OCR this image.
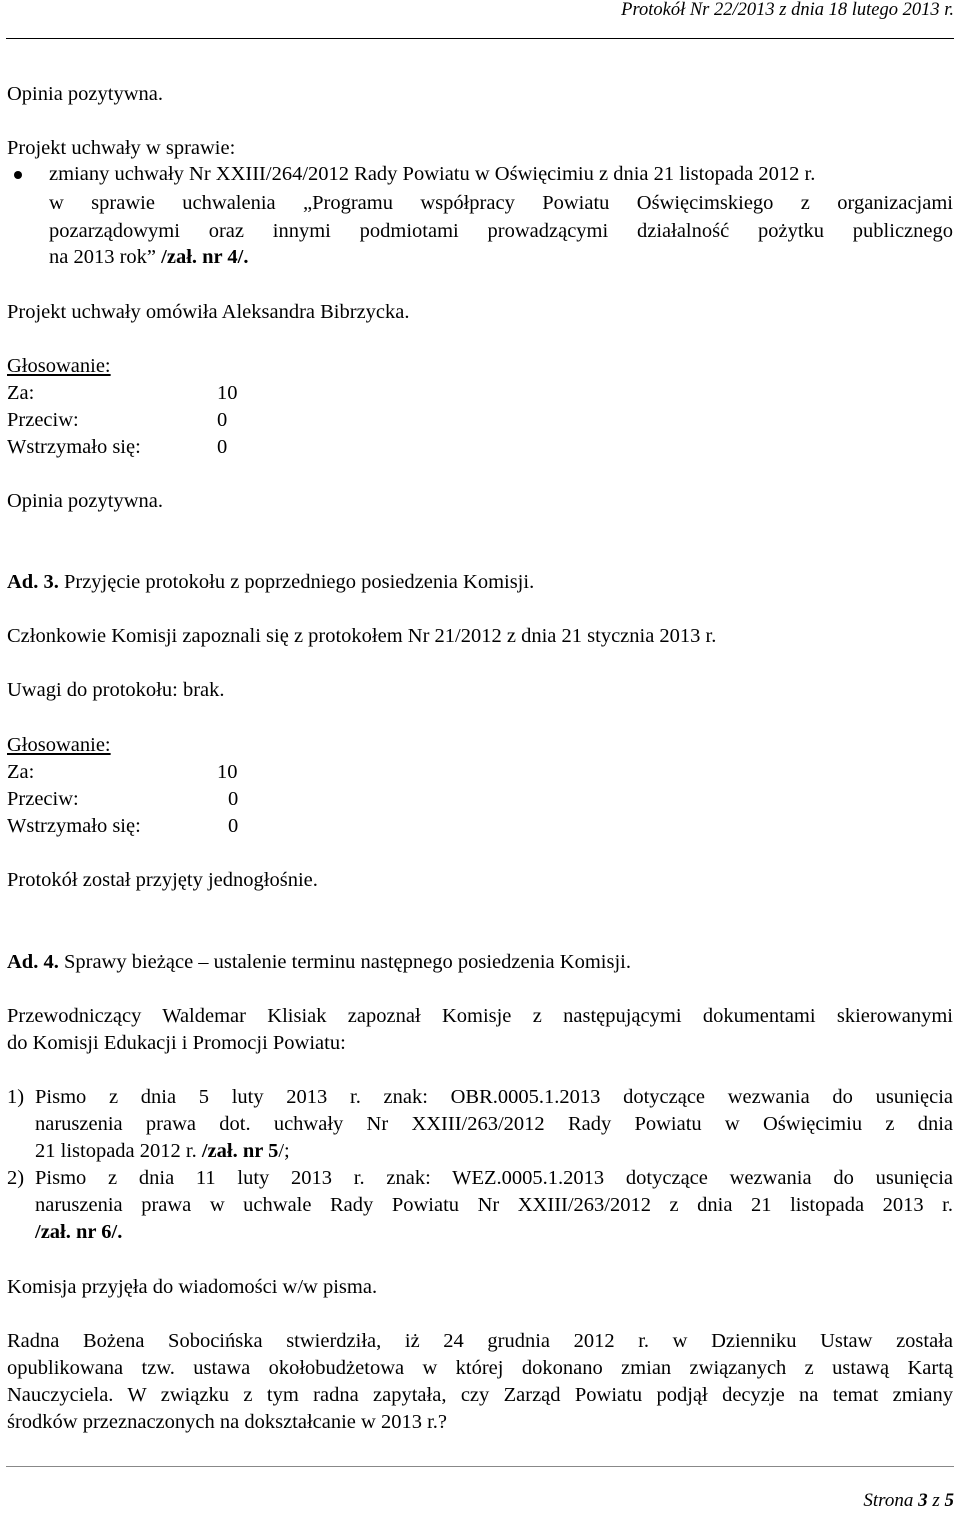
Protokół Nr 22/2013 z dnia 18 lutego 2013 r.
Opinia pozytywna.
Projekt uchwały w sprawie:
zmiany uchwały Nr XXIII/264/2012 Rady Powiatu w Oświęcimiu z dnia 21 listopada 2012 r.
w sprawie uchwalenia „Programu współpracy Powiatu Oświęcimskiego z organizacjami
pozarządowymi oraz innymi podmiotami prowadzącymi działalność pożytku publicznego
na 2013 rok” /zał. nr 4/.
Projekt uchwały omówiła Aleksandra Bibrzycka.
Głosowanie:
Za:	10
Przeciw:	0
Wstrzymało się:	0
Opinia pozytywna.
Ad. 3. Przyjęcie protokołu z poprzedniego posiedzenia Komisji.
Członkowie Komisji zapoznali się z protokołem Nr 21/2012 z dnia 21 stycznia 2013 r.
Uwagi do protokołu: brak.
Głosowanie:
Za:	10
Przeciw:	0
Wstrzymało się:	0
Protokół został przyjęty jednogłośnie.
Ad. 4. Sprawy bieżące – ustalenie terminu następnego posiedzenia Komisji.
Przewodniczący Waldemar Klisiak zapoznał Komisje z następującymi dokumentami skierowanymi
do Komisji Edukacji i Promocji Powiatu:
1) Pismo z dnia 5 luty 2013 r. znak: OBR.0005.1.2013 dotyczące wezwania do usunięcia
naruszenia prawa dot. uchwały Nr XXIII/263/2012 Rady Powiatu w Oświęcimiu z dnia
21 listopada 2012 r. /zał. nr 5/;
2) Pismo z dnia 11 luty 2013 r. znak: WEZ.0005.1.2013 dotyczące wezwania do usunięcia
naruszenia prawa w uchwale Rady Powiatu Nr XXIII/263/2012 z dnia 21 listopada 2013 r.
/zał. nr 6/.
Komisja przyjęła do wiadomości w/w pisma.
Radna Bożena Sobocińska stwierdziła, iż 24 grudnia 2012 r. w Dzienniku Ustaw została
opublikowana tzw. ustawa okołobudżetowa w której dokonano zmian związanych z ustawą Kartą
Nauczyciela. W związku z tym radna zapytała, czy Zarząd Powiatu podjął decyzje na temat zmiany
środków przeznaczonych na dokształcanie w 2013 r.?
Strona 3 z 5
